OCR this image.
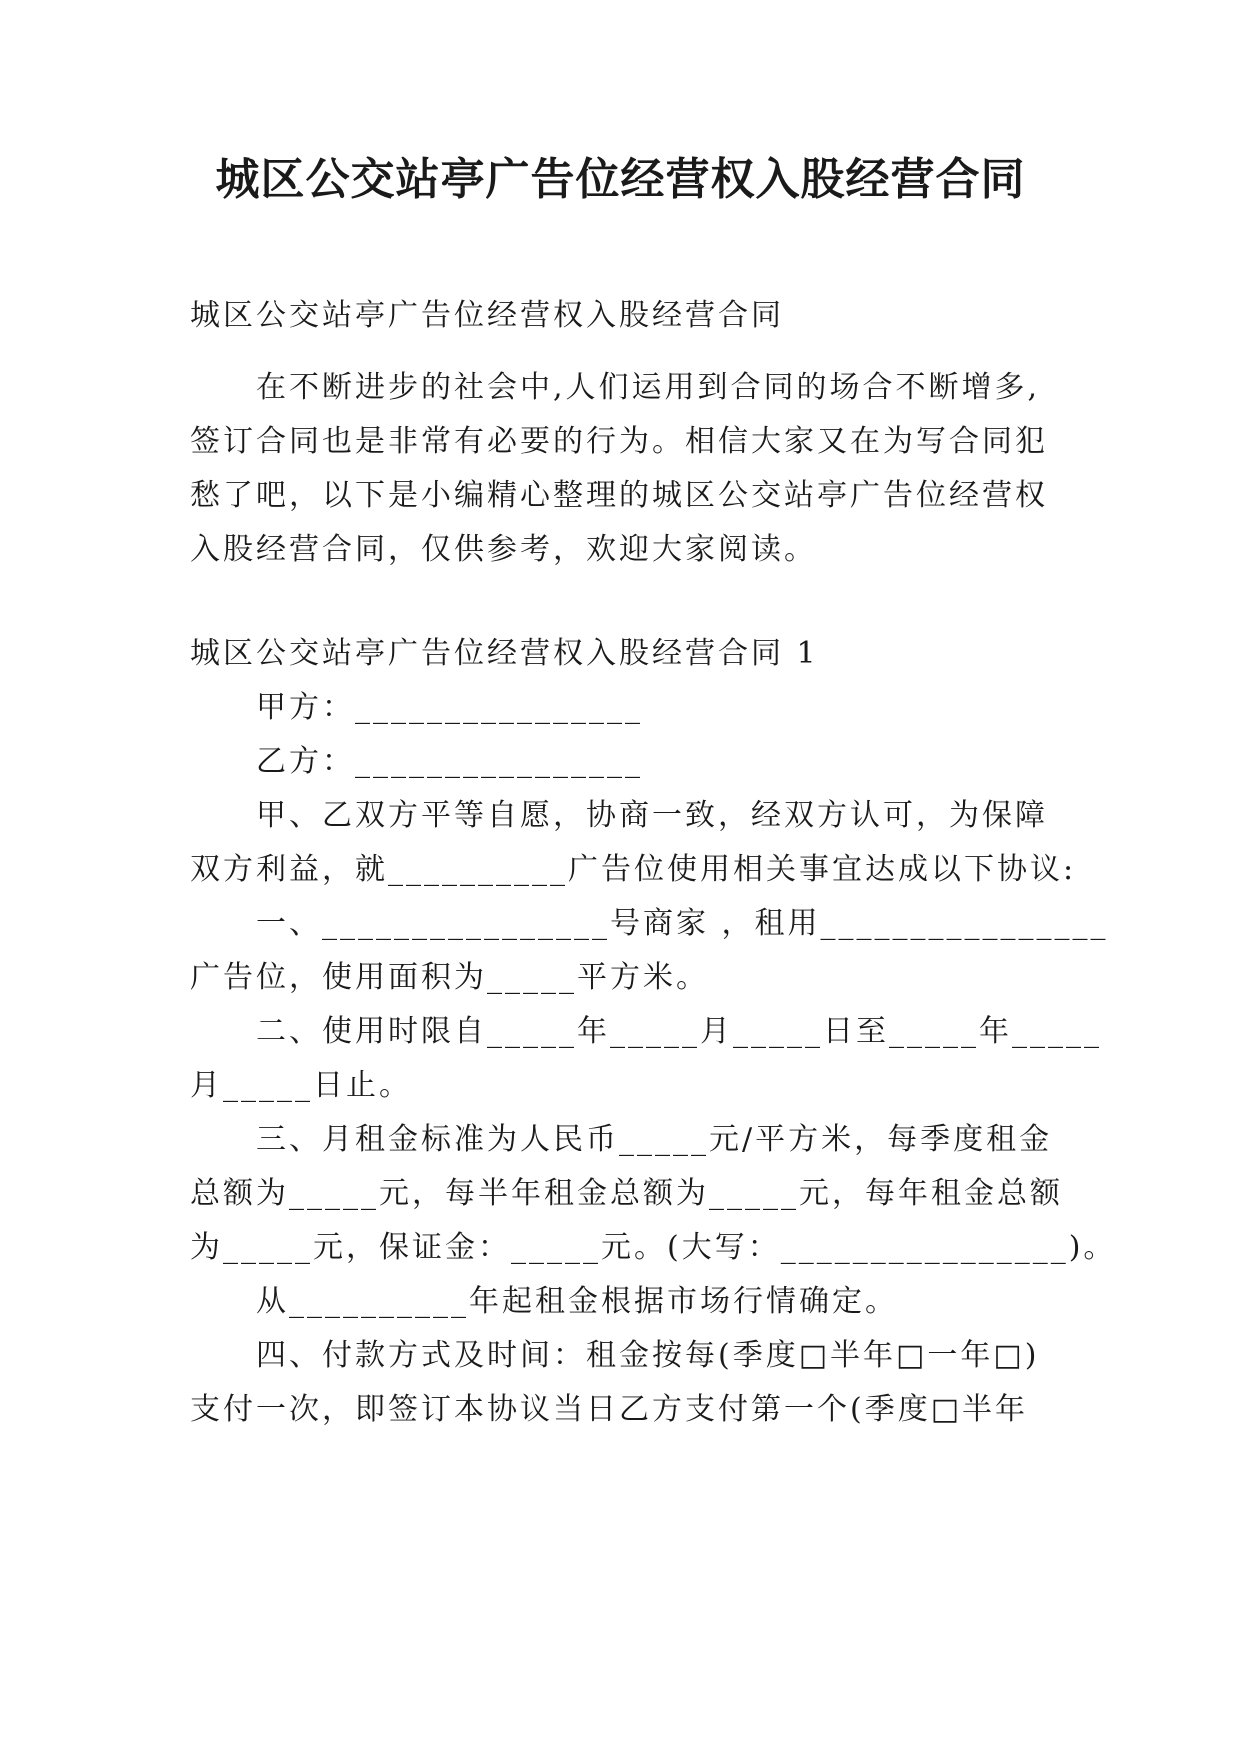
城区公交站亭广告位经营权入股经营合同
城区公交站亭广告位经营权入股经营合同
在不断进步的社会中,人们运用到合同的场合不断增多,
签订合同也是非常有必要的行为。相信大家又在为写合同犯
愁了吧，以下是小编精心整理的城区公交站亭广告位经营权
入股经营合同，仅供参考，欢迎大家阅读。
城区公交站亭广告位经营权入股经营合同 1
甲方：________________
乙方：________________
甲、乙双方平等自愿，协商一致，经双方认可，为保障
双方利益，就__________广告位使用相关事宜达成以下协议:
一、________________号商家 ，租用________________
广告位，使用面积为_____平方米。
二、使用时限自_____年_____月_____日至_____年_____
月_____日止。
三、月租金标准为人民币_____元/平方米，每季度租金
总额为_____元，每半年租金总额为_____元，每年租金总额
为_____元，保证金：_____元。(大写：________________)。
从__________年起租金根据市场行情确定。
四、付款方式及时间：租金按每(季度□半年□一年□)
支付一次，即签订本协议当日乙方支付第一个(季度□半年
